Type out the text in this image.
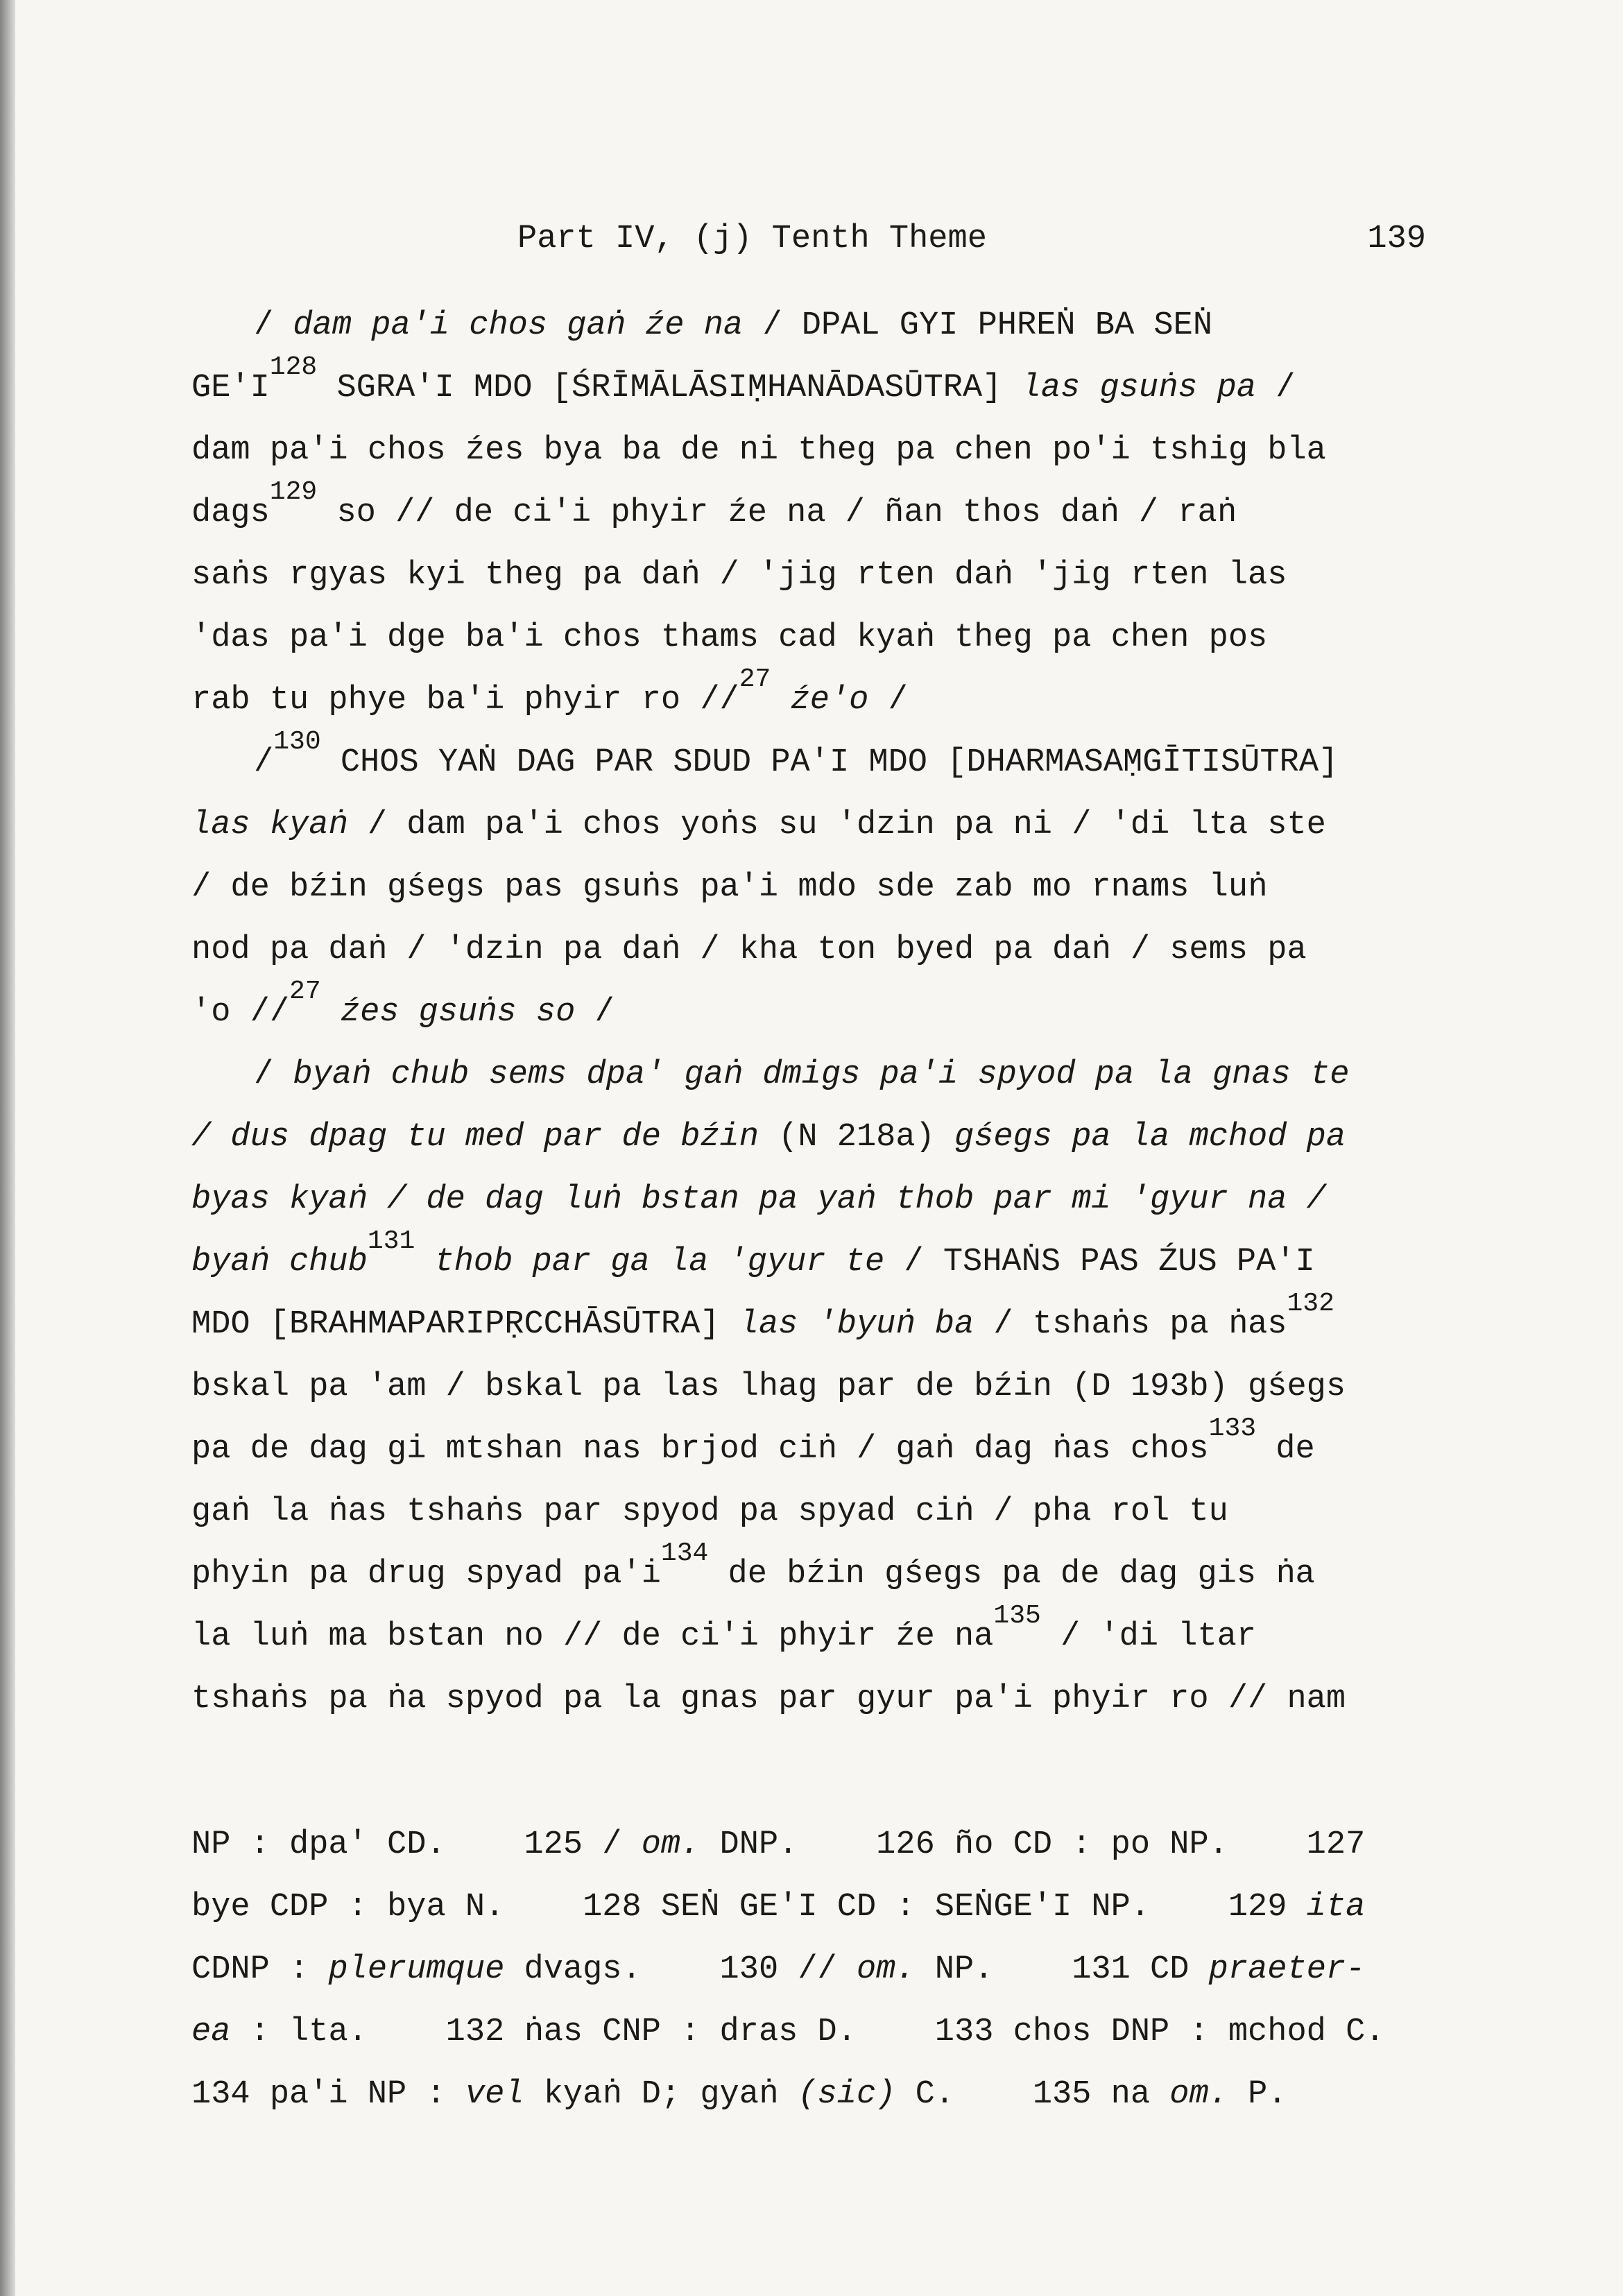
Part IV, (j) Tenth Theme	139
/ dam pa'i chos gaṅ źe na / DPAL GYI PHREṄ BA SEṄ
$GE'I^{128}$ SGRA'I MDO [ŚRĪMĀLĀSIṂHANĀDASŪTRA] las gsuṅs pa /
dam pa'i chos źes bya ba de ni theg pa chen po'i tshig bla
dags$^{129}$ so // de ci'i phyir źe na / ñan thos daṅ / raṅ
saṅs rgyas kyi theg pa daṅ / 'jig rten daṅ 'jig rten las
'das pa'i dge ba'i chos thams cad kyaṅ theg pa chen pos
rab tu phye ba'i phyir ro //$^{27}$ źe'o /
/$^{130}$ CHOS YAṄ DAG PAR SDUD PA'I MDO [DHARMASAṂGĪTISŪTRA]
las kyaṅ / dam pa'i chos yoṅs su 'dzin pa ni / 'di lta ste
/ de bźin gśegs pas gsuṅs pa'i mdo sde zab mo rnams luṅ
nod pa daṅ / 'dzin pa daṅ / kha ton byed pa daṅ / sems pa
'o //$^{27}$ źes gsuṅs so /
/ byaṅ chub sems dpa' gaṅ dmigs pa'i spyod pa la gnas te
/ dus dpag tu med par de bźin (N 218a) gśegs pa la mchod pa
byas kyaṅ / de dag luṅ bstan pa yaṅ thob par mi 'gyur na /
byaṅ chub$^{131}$ thob par ga la 'gyur te / TSHAṄS PAS ŹUS PA'I
MDO [BRAHMAPARIPṚCCHĀSŪTRA] las 'byuṅ ba / tshaṅs pa ṅas$^{132}$
bskal pa 'am / bskal pa las lhag par de bźin (D 193b) gśegs
pa de dag gi mtshan nas brjod ciṅ / gaṅ dag ṅas chos$^{133}$ de
gaṅ la ṅas tshaṅs par spyod pa spyad ciṅ / pha rol tu
phyin pa drug spyad $pa'i^{134}$ de bźin gśegs pa de dag gis ṅa
la luṅ ma bstan no // de ci'i phyir źe $na^{135}$ / 'di ltar
tshaṅs pa ṅa spyod pa la gnas par gyur pa'i phyir ro // nam
NP : dpa' CD.    125 / om. DNP.    126 ño CD : po NP.    127
bye CDP : bya N.    128 SEṄ GE'I CD : SEṄGE'I NP.    129 ita
CDNP : plerumque dvags.    130 // om. NP.    131 CD praeter-
ea : lta.    132 ṅas CNP : dras D.    133 chos DNP : mchod C.
134 pa'i NP : vel kyaṅ D; gyaṅ (sic) C.    135 na om. P.
